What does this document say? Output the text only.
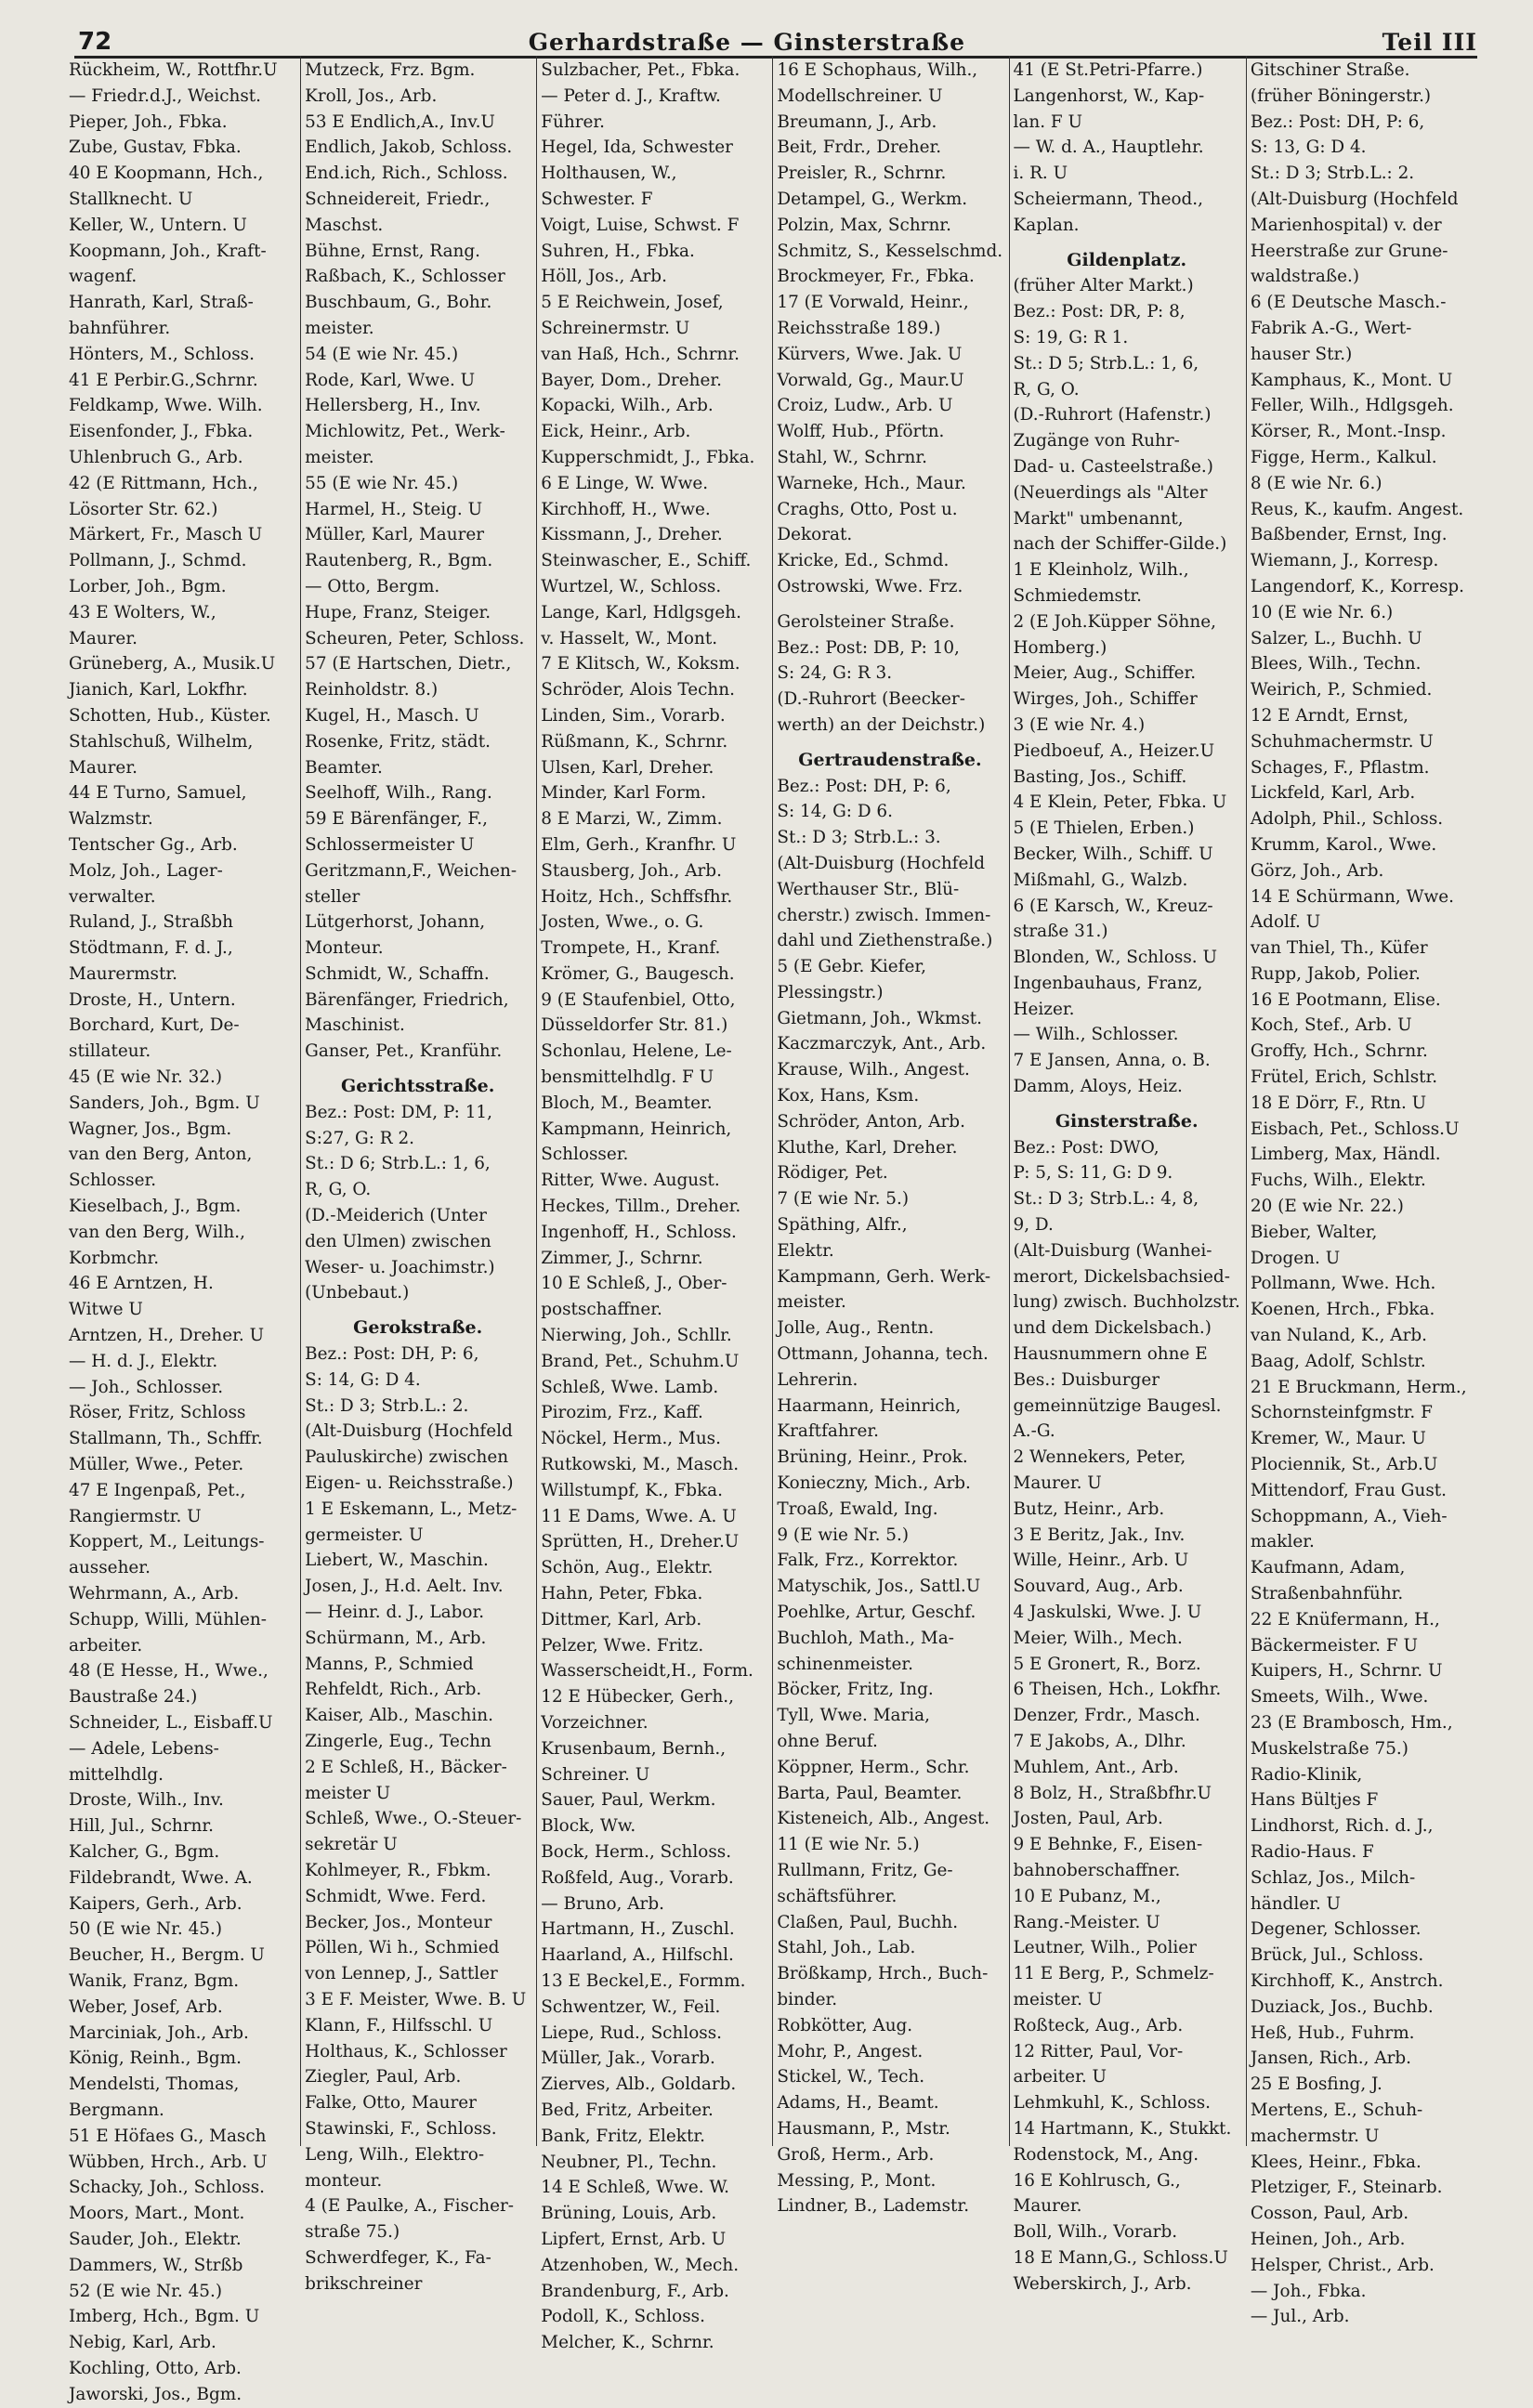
72	Gerhardstraße — Ginsterstraße	Teil III
Rückheim, W., Rottfhr.U
— Friedr.d.J., Weichst.
Pieper, Joh., Fbka.
Zube, Gustav, Fbka.
40 E Koopmann, Hch.,
Stallknecht. U
Keller, W., Untern. U
Koopmann, Joh., Kraft-
wagenf.
Hanrath, Karl, Straß-
bahnführer.
Hönters, M., Schloss.
41 E Perbir.G.,Schrnr.
Feldkamp, Wwe. Wilh.
Eisenfonder, J., Fbka.
Uhlenbruch G., Arb.
42 (E Rittmann, Hch.,
Lösorter Str. 62.)
Märkert, Fr., Masch U
Pollmann, J., Schmd.
Lorber, Joh., Bgm.
43 E Wolters, W.,
Maurer.
Grüneberg, A., Musik.U
Jianich, Karl, Lokfhr.
Schotten, Hub., Küster.
Stahlschuß, Wilhelm,
Maurer.
44 E Turno, Samuel,
Walzmstr.
Tentscher Gg., Arb.
Molz, Joh., Lager-
verwalter.
Ruland, J., Straßbh
Stödtmann, F. d. J.,
Maurermstr.
Droste, H., Untern.
Borchard, Kurt, De-
stillateur.
45 (E wie Nr. 32.)
Sanders, Joh., Bgm. U
Wagner, Jos., Bgm.
van den Berg, Anton,
Schlosser.
Kieselbach, J., Bgm.
van den Berg, Wilh.,
Korbmchr.
46 E Arntzen, H.
Witwe U
Arntzen, H., Dreher. U
— H. d. J., Elektr.
— Joh., Schlosser.
Röser, Fritz, Schloss
Stallmann, Th., Schffr.
Müller, Wwe., Peter.
47 E Ingenpaß, Pet.,
Rangiermstr. U
Koppert, M., Leitungs-
ausseher.
Wehrmann, A., Arb.
Schupp, Willi, Mühlen-
arbeiter.
48 (E Hesse, H., Wwe.,
Baustraße 24.)
Schneider, L., Eisbaff.U
— Adele, Lebens-
mittelhdlg.
Droste, Wilh., Inv.
Hill, Jul., Schrnr.
Kalcher, G., Bgm.
Fildebrandt, Wwe. A.
Kaipers, Gerh., Arb.
50 (E wie Nr. 45.)
Beucher, H., Bergm. U
Wanik, Franz, Bgm.
Weber, Josef, Arb.
Marciniak, Joh., Arb.
König, Reinh., Bgm.
Mendelsti, Thomas,
Bergmann.
51 E Höfaes G., Masch
Wübben, Hrch., Arb. U
Schacky, Joh., Schloss.
Moors, Mart., Mont.
Sauder, Joh., Elektr.
Dammers, W., Strßb
52 (E wie Nr. 45.)
Imberg, Hch., Bgm. U
Nebig, Karl, Arb.
Kochling, Otto, Arb.
Jaworski, Jos., Bgm.
Mutzeck, Frz. Bgm.
Kroll, Jos., Arb.
53 E Endlich,A., Inv.U
Endlich, Jakob, Schloss.
End.ich, Rich., Schloss.
Schneidereit, Friedr.,
Maschst.
Bühne, Ernst, Rang.
Raßbach, K., Schlosser
Buschbaum, G., Bohr.
meister.
54 (E wie Nr. 45.)
Rode, Karl, Wwe. U
Hellersberg, H., Inv.
Michlowitz, Pet., Werk-
meister.
55 (E wie Nr. 45.)
Harmel, H., Steig. U
Müller, Karl, Maurer
Rautenberg, R., Bgm.
— Otto, Bergm.
Hupe, Franz, Steiger.
Scheuren, Peter, Schloss.
57 (E Hartschen, Dietr.,
Reinholdstr. 8.)
Kugel, H., Masch. U
Rosenke, Fritz, städt.
Beamter.
Seelhoff, Wilh., Rang.
59 E Bärenfänger, F.,
Schlossermeister U
Geritzmann,F., Weichen-
steller
Lütgerhorst, Johann,
Monteur.
Schmidt, W., Schaffn.
Bärenfänger, Friedrich,
Maschinist.
Ganser, Pet., Kranführ.
Gerichtsstraße.
Bez.: Post: DM, P: 11,
S:27, G: R 2.
St.: D 6; Strb.L.: 1, 6,
R, G, O.
(D.-Meiderich (Unter
den Ulmen) zwischen
Weser- u. Joachimstr.)
(Unbebaut.)
Gerokstraße.
Bez.: Post: DH, P: 6,
S: 14, G: D 4.
St.: D 3; Strb.L.: 2.
(Alt-Duisburg (Hochfeld
Pauluskirche) zwischen
Eigen- u. Reichsstraße.)
1 E Eskemann, L., Metz-
germeister. U
Liebert, W., Maschin.
Josen, J., H.d. Aelt. Inv.
— Heinr. d. J., Labor.
Schürmann, M., Arb.
Manns, P., Schmied
Rehfeldt, Rich., Arb.
Kaiser, Alb., Maschin.
Zingerle, Eug., Techn
2 E Schleß, H., Bäcker-
meister U
Schleß, Wwe., O.-Steuer-
sekretär U
Kohlmeyer, R., Fbkm.
Schmidt, Wwe. Ferd.
Becker, Jos., Monteur
Pöllen, Wi h., Schmied
von Lennep, J., Sattler
3 E F. Meister, Wwe. B. U
Klann, F., Hilfsschl. U
Holthaus, K., Schlosser
Ziegler, Paul, Arb.
Falke, Otto, Maurer
Stawinski, F., Schloss.
Leng, Wilh., Elektro-
monteur.
4 (E Paulke, A., Fischer-
straße 75.)
Schwerdfeger, K., Fa-
brikschreiner
Sulzbacher, Pet., Fbka.
— Peter d. J., Kraftw.
Führer.
Hegel, Ida, Schwester
Holthausen, W.,
Schwester. F
Voigt, Luise, Schwst. F
Suhren, H., Fbka.
Höll, Jos., Arb.
5 E Reichwein, Josef,
Schreinermstr. U
van Haß, Hch., Schrnr.
Bayer, Dom., Dreher.
Kopacki, Wilh., Arb.
Eick, Heinr., Arb.
Kupperschmidt, J., Fbka.
6 E Linge, W. Wwe.
Kirchhoff, H., Wwe.
Kissmann, J., Dreher.
Steinwascher, E., Schiff.
Wurtzel, W., Schloss.
Lange, Karl, Hdlgsgeh.
v. Hasselt, W., Mont.
7 E Klitsch, W., Koksm.
Schröder, Alois Techn.
Linden, Sim., Vorarb.
Rüßmann, K., Schrnr.
Ulsen, Karl, Dreher.
Minder, Karl Form.
8 E Marzi, W., Zimm.
Elm, Gerh., Kranfhr. U
Stausberg, Joh., Arb.
Hoitz, Hch., Schffsfhr.
Josten, Wwe., o. G.
Trompete, H., Kranf.
Krömer, G., Baugesch.
9 (E Staufenbiel, Otto,
Düsseldorfer Str. 81.)
Schonlau, Helene, Le-
bensmittelhdlg. F U
Bloch, M., Beamter.
Kampmann, Heinrich,
Schlosser.
Ritter, Wwe. August.
Heckes, Tillm., Dreher.
Ingenhoff, H., Schloss.
Zimmer, J., Schrnr.
10 E Schleß, J., Ober-
postschaffner.
Nierwing, Joh., Schllr.
Brand, Pet., Schuhm.U
Schleß, Wwe. Lamb.
Pirozim, Frz., Kaff.
Nöckel, Herm., Mus.
Rutkowski, M., Masch.
Willstumpf, K., Fbka.
11 E Dams, Wwe. A. U
Sprütten, H., Dreher.U
Schön, Aug., Elektr.
Hahn, Peter, Fbka.
Dittmer, Karl, Arb.
Pelzer, Wwe. Fritz.
Wasserscheidt,H., Form.
12 E Hübecker, Gerh.,
Vorzeichner.
Krusenbaum, Bernh.,
Schreiner. U
Sauer, Paul, Werkm.
Block, Ww.
Bock, Herm., Schloss.
Roßfeld, Aug., Vorarb.
— Bruno, Arb.
Hartmann, H., Zuschl.
Haarland, A., Hilfschl.
13 E Beckel,E., Formm.
Schwentzer, W., Feil.
Liepe, Rud., Schloss.
Müller, Jak., Vorarb.
Zierves, Alb., Goldarb.
Bed, Fritz, Arbeiter.
Bank, Fritz, Elektr.
Neubner, Pl., Techn.
14 E Schleß, Wwe. W.
Brüning, Louis, Arb.
Lipfert, Ernst, Arb. U
Atzenhoben, W., Mech.
Brandenburg, F., Arb.
Podoll, K., Schloss.
Melcher, K., Schrnr.
16 E Schophaus, Wilh.,
Modellschreiner. U
Breumann, J., Arb.
Beit, Frdr., Dreher.
Preisler, R., Schrnr.
Detampel, G., Werkm.
Polzin, Max, Schrnr.
Schmitz, S., Kesselschmd.
Brockmeyer, Fr., Fbka.
17 (E Vorwald, Heinr.,
Reichsstraße 189.)
Kürvers, Wwe. Jak. U
Vorwald, Gg., Maur.U
Croiz, Ludw., Arb. U
Wolff, Hub., Pförtn.
Stahl, W., Schrnr.
Warneke, Hch., Maur.
Craghs, Otto, Post u.
Dekorat.
Kricke, Ed., Schmd.
Ostrowski, Wwe. Frz.
Gerolsteiner Straße.
Bez.: Post: DB, P: 10,
S: 24, G: R 3.
(D.-Ruhrort (Beecker-
werth) an der Deichstr.)
Gertraudenstraße.
Bez.: Post: DH, P: 6,
S: 14, G: D 6.
St.: D 3; Strb.L.: 3.
(Alt-Duisburg (Hochfeld
Werthauser Str., Blü-
cherstr.) zwisch. Immen-
dahl und Ziethenstraße.)
5 (E Gebr. Kiefer,
Plessingstr.)
Gietmann, Joh., Wkmst.
Kaczmarczyk, Ant., Arb.
Krause, Wilh., Angest.
Kox, Hans, Ksm.
Schröder, Anton, Arb.
Kluthe, Karl, Dreher.
Rödiger, Pet.
7 (E wie Nr. 5.)
Späthing, Alfr.,
Elektr.
Kampmann, Gerh. Werk-
meister.
Jolle, Aug., Rentn.
Ottmann, Johanna, tech.
Lehrerin.
Haarmann, Heinrich,
Kraftfahrer.
Brüning, Heinr., Prok.
Konieczny, Mich., Arb.
Troaß, Ewald, Ing.
9 (E wie Nr. 5.)
Falk, Frz., Korrektor.
Matyschik, Jos., Sattl.U
Poehlke, Artur, Geschf.
Buchloh, Math., Ma-
schinenmeister.
Böcker, Fritz, Ing.
Tyll, Wwe. Maria,
ohne Beruf.
Köppner, Herm., Schr.
Barta, Paul, Beamter.
Kisteneich, Alb., Angest.
11 (E wie Nr. 5.)
Rullmann, Fritz, Ge-
schäftsführer.
Claßen, Paul, Buchh.
Stahl, Joh., Lab.
Brößkamp, Hrch., Buch-
binder.
Robkötter, Aug.
Mohr, P., Angest.
Stickel, W., Tech.
Adams, H., Beamt.
Hausmann, P., Mstr.
Groß, Herm., Arb.
Messing, P., Mont.
Lindner, B., Lademstr.
41 (E St.Petri-Pfarre.)
Langenhorst, W., Kap-
lan. F U
— W. d. A., Hauptlehr.
i. R. U
Scheiermann, Theod.,
Kaplan.
Gildenplatz.
(früher Alter Markt.)
Bez.: Post: DR, P: 8,
S: 19, G: R 1.
St.: D 5; Strb.L.: 1, 6,
R, G, O.
(D.-Ruhrort (Hafenstr.)
Zugänge von Ruhr-
Dad- u. Casteelstraße.)
(Neuerdings als "Alter
Markt" umbenannt,
nach der Schiffer-Gilde.)
1 E Kleinholz, Wilh.,
Schmiedemstr.
2 (E Joh.Küpper Söhne,
Homberg.)
Meier, Aug., Schiffer.
Wirges, Joh., Schiffer
3 (E wie Nr. 4.)
Piedboeuf, A., Heizer.U
Basting, Jos., Schiff.
4 E Klein, Peter, Fbka. U
5 (E Thielen, Erben.)
Becker, Wilh., Schiff. U
Mißmahl, G., Walzb.
6 (E Karsch, W., Kreuz-
straße 31.)
Blonden, W., Schloss. U
Ingenbauhaus, Franz,
Heizer.
— Wilh., Schlosser.
7 E Jansen, Anna, o. B.
Damm, Aloys, Heiz.
Ginsterstraße.
Bez.: Post: DWO,
P: 5, S: 11, G: D 9.
St.: D 3; Strb.L.: 4, 8,
9, D.
(Alt-Duisburg (Wanhei-
merort, Dickelsbachsied-
lung) zwisch. Buchholzstr.
und dem Dickelsbach.)
Hausnummern ohne E
Bes.: Duisburger
gemeinnützige Baugesl.
A.-G.
2 Wennekers, Peter,
Maurer. U
Butz, Heinr., Arb.
3 E Beritz, Jak., Inv.
Wille, Heinr., Arb. U
Souvard, Aug., Arb.
4 Jaskulski, Wwe. J. U
Meier, Wilh., Mech.
5 E Gronert, R., Borz.
6 Theisen, Hch., Lokfhr.
Denzer, Frdr., Masch.
7 E Jakobs, A., Dlhr.
Muhlem, Ant., Arb.
8 Bolz, H., Straßbfhr.U
Josten, Paul, Arb.
9 E Behnke, F., Eisen-
bahnoberschaffner.
10 E Pubanz, M.,
Rang.-Meister. U
Leutner, Wilh., Polier
11 E Berg, P., Schmelz-
meister. U
Roßteck, Aug., Arb.
12 Ritter, Paul, Vor-
arbeiter. U
Lehmkuhl, K., Schloss.
14 Hartmann, K., Stukkt.
Rodenstock, M., Ang.
16 E Kohlrusch, G.,
Maurer.
Boll, Wilh., Vorarb.
18 E Mann,G., Schloss.U
Weberskirch, J., Arb.
Gitschiner Straße.
(früher Böningerstr.)
Bez.: Post: DH, P: 6,
S: 13, G: D 4.
St.: D 3; Strb.L.: 2.
(Alt-Duisburg (Hochfeld
Marienhospital) v. der
Heerstraße zur Grune-
waldstraße.)
6 (E Deutsche Masch.-
Fabrik A.-G., Wert-
hauser Str.)
Kamphaus, K., Mont. U
Feller, Wilh., Hdlgsgeh.
Körser, R., Mont.-Insp.
Figge, Herm., Kalkul.
8 (E wie Nr. 6.)
Reus, K., kaufm. Angest.
Baßbender, Ernst, Ing.
Wiemann, J., Korresp.
Langendorf, K., Korresp.
10 (E wie Nr. 6.)
Salzer, L., Buchh. U
Blees, Wilh., Techn.
Weirich, P., Schmied.
12 E Arndt, Ernst,
Schuhmachermstr. U
Schages, F., Pflastm.
Lickfeld, Karl, Arb.
Adolph, Phil., Schloss.
Krumm, Karol., Wwe.
Görz, Joh., Arb.
14 E Schürmann, Wwe.
Adolf. U
van Thiel, Th., Küfer
Rupp, Jakob, Polier.
16 E Pootmann, Elise.
Koch, Stef., Arb. U
Groffy, Hch., Schrnr.
Frütel, Erich, Schlstr.
18 E Dörr, F., Rtn. U
Eisbach, Pet., Schloss.U
Limberg, Max, Händl.
Fuchs, Wilh., Elektr.
20 (E wie Nr. 22.)
Bieber, Walter,
Drogen. U
Pollmann, Wwe. Hch.
Koenen, Hrch., Fbka.
van Nuland, K., Arb.
Baag, Adolf, Schlstr.
21 E Bruckmann, Herm.,
Schornsteinfgmstr. F
Kremer, W., Maur. U
Plociennik, St., Arb.U
Mittendorf, Frau Gust.
Schoppmann, A., Vieh-
makler.
Kaufmann, Adam,
Straßenbahnführ.
22 E Knüfermann, H.,
Bäckermeister. F U
Kuipers, H., Schrnr. U
Smeets, Wilh., Wwe.
23 (E Brambosch, Hm.,
Muskelstraße 75.)
Radio-Klinik,
Hans Bültjes F
Lindhorst, Rich. d. J.,
Radio-Haus. F
Schlaz, Jos., Milch-
händler. U
Degener, Schlosser.
Brück, Jul., Schloss.
Kirchhoff, K., Anstrch.
Duziack, Jos., Buchb.
Heß, Hub., Fuhrm.
Jansen, Rich., Arb.
25 E Bosfing, J.
Mertens, E., Schuh-
machermstr. U
Klees, Heinr., Fbka.
Pletziger, F., Steinarb.
Cosson, Paul, Arb.
Heinen, Joh., Arb.
Helsper, Christ., Arb.
— Joh., Fbka.
— Jul., Arb.
